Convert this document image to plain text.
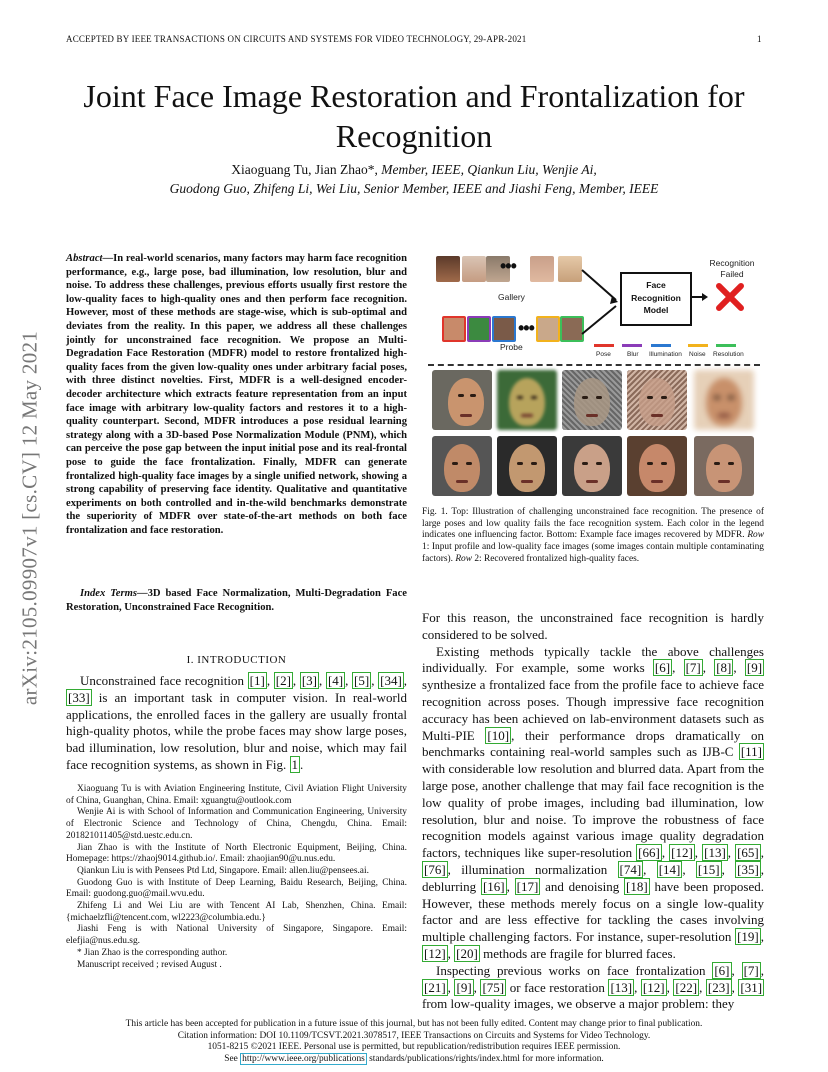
ACCEPTED BY IEEE TRANSACTIONS ON CIRCUITS AND SYSTEMS FOR VIDEO TECHNOLOGY, 29-APR-2021	1
arXiv:2105.09907v1 [cs.CV] 12 May 2021
Joint Face Image Restoration and Frontalization for Recognition
Xiaoguang Tu, Jian Zhao*, Member, IEEE, Qiankun Liu, Wenjie Ai,
Guodong Guo, Zhifeng Li, Wei Liu, Senior Member, IEEE and Jiashi Feng, Member, IEEE
Abstract—In real-world scenarios, many factors may harm face recognition performance, e.g., large pose, bad illumination, low resolution, blur and noise. To address these challenges, previous efforts usually first restore the low-quality faces to high-quality ones and then perform face recognition. However, most of these methods are stage-wise, which is sub-optimal and deviates from the reality. In this paper, we address all these challenges jointly for unconstrained face recognition. We propose an Multi-Degradation Face Restoration (MDFR) model to restore frontalized high-quality faces from the given low-quality ones under arbitrary facial poses, with three distinct novelties. First, MDFR is a well-designed encoder-decoder architecture which extracts feature representation from an input face image with arbitrary low-quality factors and restores it to a high-quality counterpart. Second, MDFR introduces a pose residual learning strategy along with a 3D-based Pose Normalization Module (PNM), which can perceive the pose gap between the input initial pose and its real-frontal pose to guide the face frontalization. Finally, MDFR can generate frontalized high-quality face images by a single unified network, showing a strong capability of preserving face identity. Qualitative and quantitative experiments on both controlled and in-the-wild benchmarks demonstrate the superiority of MDFR over state-of-the-art methods on both face frontalization and face restoration.
Index Terms—3D based Face Normalization, Multi-Degradation Face Restoration, Unconstrained Face Recognition.
I. INTRODUCTION
Unconstrained face recognition [1] , [2] , [3] , [4] , [5] , [34] , [33] is an important task in computer vision. In real-world applications, the enrolled faces in the gallery are usually frontal high-quality photos, while the probe faces may show large poses, bad illumination, low resolution, blur and noise, which may fail face recognition systems, as shown in Fig. 1 .

Xiaoguang Tu is with Aviation Engineering Institute, Civil Aviation Flight University of China, Guanghan, China. Email: xguangtu@outlook.com

Wenjie Ai is with School of Information and Communication Engineering, University of Electronic Science and Technology of China, Chengdu, China. Email: 201821011405@std.uestc.edu.cn.

Jian Zhao is with the Institute of North Electronic Equipment, Beijing, China. Homepage: https://zhaoj9014.github.io/. Email: zhaojian90@u.nus.edu.

Qiankun Liu is with Pensees Ptd Ltd, Singapore. Email: allen.liu@pensees.ai.

Guodong Guo is with Institute of Deep Learning, Baidu Research, Beijing, China. Email: guodong.guo@mail.wvu.edu.

Zhifeng Li and Wei Liu are with Tencent AI Lab, Shenzhen, China. Email: {michaelzfli@tencent.com, wl2223@columbia.edu.}

Jiashi Feng is with National University of Singapore, Singapore. Email: elefjia@nus.edu.sg.

* Jian Zhao is the corresponding author.

Manuscript received ; revised August .

•••
Gallery
•••
Probe
Face
Recognition
Model
Recognition
Failed
Pose Blur Illumination Noise Resolution
Fig. 1. Top: Illustration of challenging unconstrained face recognition. The presence of large poses and low quality fails the face recognition system. Each color in the legend indicates one influencing factor. Bottom: Example face images recovered by MDFR. Row 1: Input profile and low-quality face images (some images contain multiple contaminating factors). Row 2: Recovered frontalized high-quality faces.

For this reason, the unconstrained face recognition is hardly considered to be solved.

Existing methods typically tackle the above challenges individually. For example, some works [6] , [7] , [8] , [9] synthesize a frontalized face from the profile face to achieve face recognition across poses. Though impressive face recognition accuracy has been achieved on lab-environment datasets such as Multi-PIE [10] , their performance drops dramatically on benchmarks containing real-world samples such as IJB-C [11] with considerable low resolution and blurred data. Apart from the large pose, another challenge that may fail face recognition is the low quality of probe images, including bad illumination, low resolution, blur and noise. To improve the robustness of face recognition models against various image quality degradation factors, techniques like super-resolution [66] , [12] , [13] , [65] , [76] , illumination normalization [74] , [14] , [15] , [35] , deblurring [16] , [17] and denoising [18] have been proposed. However, these methods merely focus on a single low-quality factor and are less effective for tackling the cases involving multiple challenging factors. For instance, super-resolution [19] , [12] , [20] methods are fragile for blurred faces.

Inspecting previous works on face frontalization [6] , [7] , [21] , [9] , [75] or face restoration [13] , [12] , [22] , [23] , [31] from low-quality images, we observe a major problem: they

This article has been accepted for publication in a future issue of this journal, but has not been fully edited. Content may change prior to final publication.
Citation information: DOI 10.1109/TCSVT.2021.3078517, IEEE Transactions on Circuits and Systems for Video Technology.
1051-8215 ©2021 IEEE. Personal use is permitted, but republication/redistribution requires IEEE permission.
See http://www.ieee.org/publications standards/publications/rights/index.html for more information.
